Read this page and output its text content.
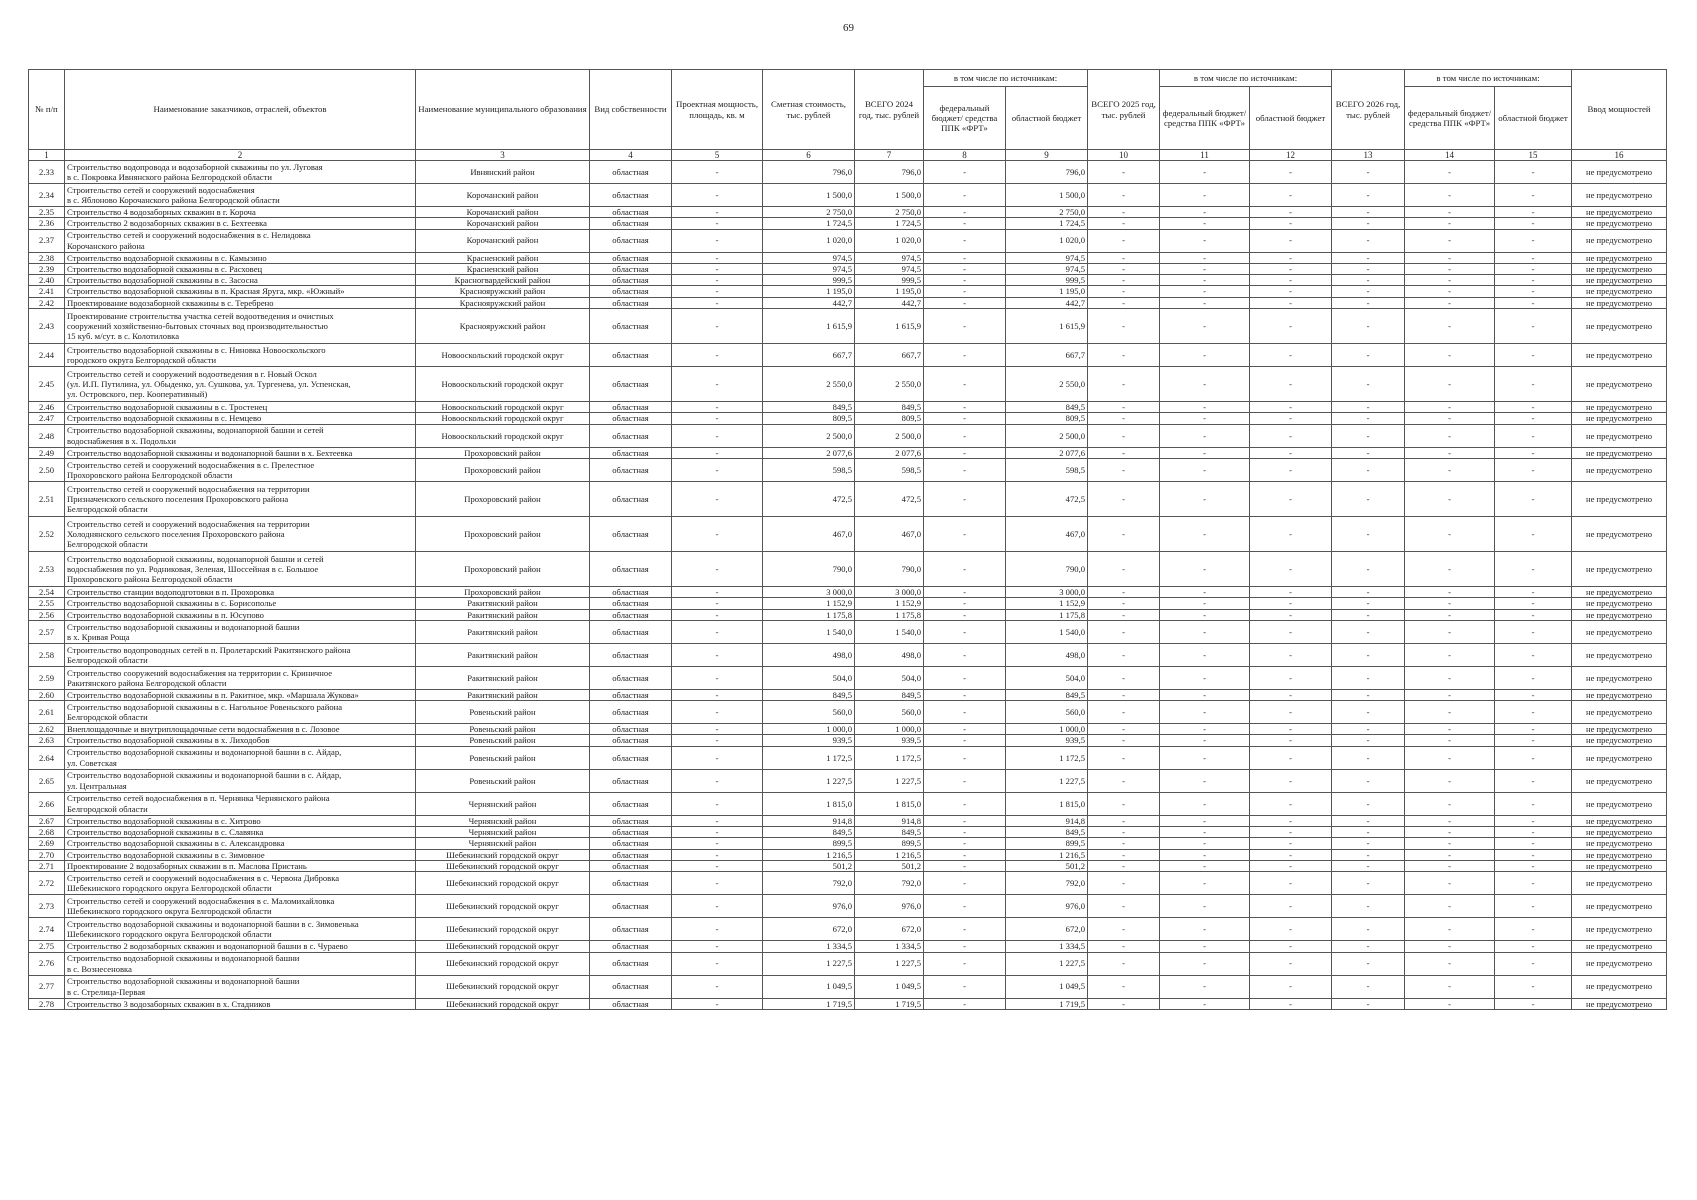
69
№ п/п	Наименование заказчиков, отраслей, объектов	Наименование муниципального образования	Вид собственности	Проектная мощность, площадь, кв. м	Сметная стоимость, тыс. рублей	ВСЕГО 2024 год, тыс. рублей	в том числе по источникам:		ВСЕГО 2025 год, тыс. рублей	в том числе по источникам:		ВСЕГО 2026 год, тыс. рублей	в том числе по источникам:		Ввод мощностей
							федеральный бюджет/ средства ППК «ФРТ»	областной бюджет		федеральный бюджет/ средства ППК «ФРТ»	областной бюджет		федеральный бюджет/ средства ППК «ФРТ»	областной бюджет	
1	2	3	4	5	6	7	8	9	10	11	12	13	14	15	16
2.33	Строительство водопровода и водозаборной скважины по ул. Луговая
в с. Покровка Ивнянского района Белгородской области	Ивнянский район	областная	-	796,0	796,0	-	796,0	-	-	-	-	-	-	не предусмотрено
2.34	Строительство сетей и сооружений водоснабжения
в с. Яблоново Корочанского района Белгородской области	Корочанский район	областная	-	1 500,0	1 500,0	-	1 500,0	-	-	-	-	-	-	не предусмотрено
2.35	Строительство 4 водозаборных скважин в г. Короча	Корочанский район	областная	-	2 750,0	2 750,0	-	2 750,0	-	-	-	-	-	-	не предусмотрено
2.36	Строительство 2 водозаборных скважин в с. Бехтеевка	Корочанский район	областная	-	1 724,5	1 724,5	-	1 724,5	-	-	-	-	-	-	не предусмотрено
2.37	Строительство сетей и сооружений водоснабжения в с. Нелидовка
Корочанского района	Корочанский район	областная	-	1 020,0	1 020,0	-	1 020,0	-	-	-	-	-	-	не предусмотрено
2.38	Строительство водозаборной скважины в с. Камызино	Красненский район	областная	-	974,5	974,5	-	974,5	-	-	-	-	-	-	не предусмотрено
2.39	Строительство водозаборной скважины в с. Расховец	Красненский район	областная	-	974,5	974,5	-	974,5	-	-	-	-	-	-	не предусмотрено
2.40	Строительство водозаборной скважины в с. Засосна	Красногвардейский район	областная	-	999,5	999,5	-	999,5	-	-	-	-	-	-	не предусмотрено
2.41	Строительство водозаборной скважины в п. Красная Яруга, мкр. «Южный»	Краснояружский район	областная	-	1 195,0	1 195,0	-	1 195,0	-	-	-	-	-	-	не предусмотрено
2.42	Проектирование водозаборной скважины в с. Теребрено	Краснояружский район	областная	-	442,7	442,7	-	442,7	-	-	-	-	-	-	не предусмотрено
2.43	Проектирование строительства участка сетей водоотведения и очистных
сооружений хозяйственно-бытовых сточных вод производительностью
15 куб. м/сут. в с. Колотиловка	Краснояружский район	областная	-	1 615,9	1 615,9	-	1 615,9	-	-	-	-	-	-	не предусмотрено
2.44	Строительство водозаборной скважины в с. Ниновка Новооскольского
городского округа Белгородской области	Новооскольский городской округ	областная	-	667,7	667,7	-	667,7	-	-	-	-	-	-	не предусмотрено
2.45	Строительство сетей и сооружений водоотведения в г. Новый Оскол
(ул. И.П. Путилина, ул. Обыденко, ул. Сушкова, ул. Тургенева, ул. Успенская,
ул. Островского, пер. Кооперативный)	Новооскольский городской округ	областная	-	2 550,0	2 550,0	-	2 550,0	-	-	-	-	-	-	не предусмотрено
2.46	Строительство водозаборной скважины в с. Тростенец	Новооскольский городской округ	областная	-	849,5	849,5	-	849,5	-	-	-	-	-	-	не предусмотрено
2.47	Строительство водозаборной скважины в с. Немцево	Новооскольский городской округ	областная	-	809,5	809,5	-	809,5	-	-	-	-	-	-	не предусмотрено
2.48	Строительство водозаборной скважины, водонапорной башни и сетей
водоснабжения в х. Подольхи	Новооскольский городской округ	областная	-	2 500,0	2 500,0	-	2 500,0	-	-	-	-	-	-	не предусмотрено
2.49	Строительство водозаборной скважины и водонапорной башни в х. Бехтеевка	Прохоровский район	областная	-	2 077,6	2 077,6	-	2 077,6	-	-	-	-	-	-	не предусмотрено
2.50	Строительство сетей и сооружений водоснабжения в с. Прелестное
Прохоровского района Белгородской области	Прохоровский район	областная	-	598,5	598,5	-	598,5	-	-	-	-	-	-	не предусмотрено
2.51	Строительство сетей и сооружений водоснабжения на территории
Призначенского сельского поселения Прохоровского района
Белгородской области	Прохоровский район	областная	-	472,5	472,5	-	472,5	-	-	-	-	-	-	не предусмотрено
2.52	Строительство сетей и сооружений водоснабжения на территории
Холоднянского сельского поселения Прохоровского района
Белгородской области	Прохоровский район	областная	-	467,0	467,0	-	467,0	-	-	-	-	-	-	не предусмотрено
2.53	Строительство водозаборной скважины, водонапорной башни и сетей
водоснабжения по ул. Родниковая, Зеленая, Шоссейная в с. Большое
Прохоровского района Белгородской области	Прохоровский район	областная	-	790,0	790,0	-	790,0	-	-	-	-	-	-	не предусмотрено
2.54	Строительство станции водоподготовки в п. Прохоровка	Прохоровский район	областная	-	3 000,0	3 000,0	-	3 000,0	-	-	-	-	-	-	не предусмотрено
2.55	Строительство водозаборной скважины в с. Борисополье	Ракитянский район	областная	-	1 152,9	1 152,9	-	1 152,9	-	-	-	-	-	-	не предусмотрено
2.56	Строительство водозаборной скважины в п. Юсупово	Ракитянский район	областная	-	1 175,8	1 175,8	-	1 175,8	-	-	-	-	-	-	не предусмотрено
2.57	Строительство водозаборной скважины и водонапорной башни
в х. Кривая Роща	Ракитянский район	областная	-	1 540,0	1 540,0	-	1 540,0	-	-	-	-	-	-	не предусмотрено
2.58	Строительство водопроводных сетей в п. Пролетарский Ракитянского района
Белгородской области	Ракитянский район	областная	-	498,0	498,0	-	498,0	-	-	-	-	-	-	не предусмотрено
2.59	Строительство сооружений водоснабжения на территории с. Криничное
Ракитянского района Белгородской области	Ракитянский район	областная	-	504,0	504,0	-	504,0	-	-	-	-	-	-	не предусмотрено
2.60	Строительство водозаборной скважины в п. Ракитное, мкр. «Маршала Жукова»	Ракитянский район	областная	-	849,5	849,5	-	849,5	-	-	-	-	-	-	не предусмотрено
2.61	Строительство водозаборной скважины в с. Нагольное Ровеньского района
Белгородской области	Ровеньский район	областная	-	560,0	560,0	-	560,0	-	-	-	-	-	-	не предусмотрено
2.62	Внеплощадочные и внутриплощадочные сети водоснабжения в с. Лозовое	Ровеньский район	областная	-	1 000,0	1 000,0	-	1 000,0	-	-	-	-	-	-	не предусмотрено
2.63	Строительство водозаборной скважины в х. Лиходобов	Ровеньский район	областная	-	939,5	939,5	-	939,5	-	-	-	-	-	-	не предусмотрено
2.64	Строительство водозаборной скважины и водонапорной башни в с. Айдар,
ул. Советская	Ровеньский район	областная	-	1 172,5	1 172,5	-	1 172,5	-	-	-	-	-	-	не предусмотрено
2.65	Строительство водозаборной скважины и водонапорной башни в с. Айдар,
ул. Центральная	Ровеньский район	областная	-	1 227,5	1 227,5	-	1 227,5	-	-	-	-	-	-	не предусмотрено
2.66	Строительство сетей водоснабжения в п. Чернянка Чернянского района
Белгородской области	Чернянский район	областная	-	1 815,0	1 815,0	-	1 815,0	-	-	-	-	-	-	не предусмотрено
2.67	Строительство водозаборной скважины в с. Хитрово	Чернянский район	областная	-	914,8	914,8	-	914,8	-	-	-	-	-	-	не предусмотрено
2.68	Строительство водозаборной скважины в с. Славянка	Чернянский район	областная	-	849,5	849,5	-	849,5	-	-	-	-	-	-	не предусмотрено
2.69	Строительство водозаборной скважины в с. Александровка	Чернянский район	областная	-	899,5	899,5	-	899,5	-	-	-	-	-	-	не предусмотрено
2.70	Строительство водозаборной скважины в с. Зимовное	Шебекинский городской округ	областная	-	1 216,5	1 216,5	-	1 216,5	-	-	-	-	-	-	не предусмотрено
2.71	Проектирование 2 водозаборных скважин в п. Маслова Пристань	Шебекинский городской округ	областная	-	501,2	501,2	-	501,2	-	-	-	-	-	-	не предусмотрено
2.72	Строительство сетей и сооружений водоснабжения в с. Червона Дибровка
Шебекинского городского округа Белгородской области	Шебекинский городской округ	областная	-	792,0	792,0	-	792,0	-	-	-	-	-	-	не предусмотрено
2.73	Строительство сетей и сооружений водоснабжения в с. Маломихайловка
Шебекинского городского округа Белгородской области	Шебекинский городской округ	областная	-	976,0	976,0	-	976,0	-	-	-	-	-	-	не предусмотрено
2.74	Строительство водозаборной скважины и водонапорной башни в с. Зимовенька
Шебекинского городского округа Белгородской области	Шебекинский городской округ	областная	-	672,0	672,0	-	672,0	-	-	-	-	-	-	не предусмотрено
2.75	Строительство 2 водозаборных скважин и водонапорной башни в с. Чураево	Шебекинский городской округ	областная	-	1 334,5	1 334,5	-	1 334,5	-	-	-	-	-	-	не предусмотрено
2.76	Строительство водозаборной скважины и водонапорной башни
в с. Вознесеновка	Шебекинский городской округ	областная	-	1 227,5	1 227,5	-	1 227,5	-	-	-	-	-	-	не предусмотрено
2.77	Строительство водозаборной скважины и водонапорной башни
в с. Стрелица-Первая	Шебекинский городской округ	областная	-	1 049,5	1 049,5	-	1 049,5	-	-	-	-	-	-	не предусмотрено
2.78	Строительство 3 водозаборных скважин в х. Стадников	Шебекинский городской округ	областная	-	1 719,5	1 719,5	-	1 719,5	-	-	-	-	-	-	не предусмотрено
